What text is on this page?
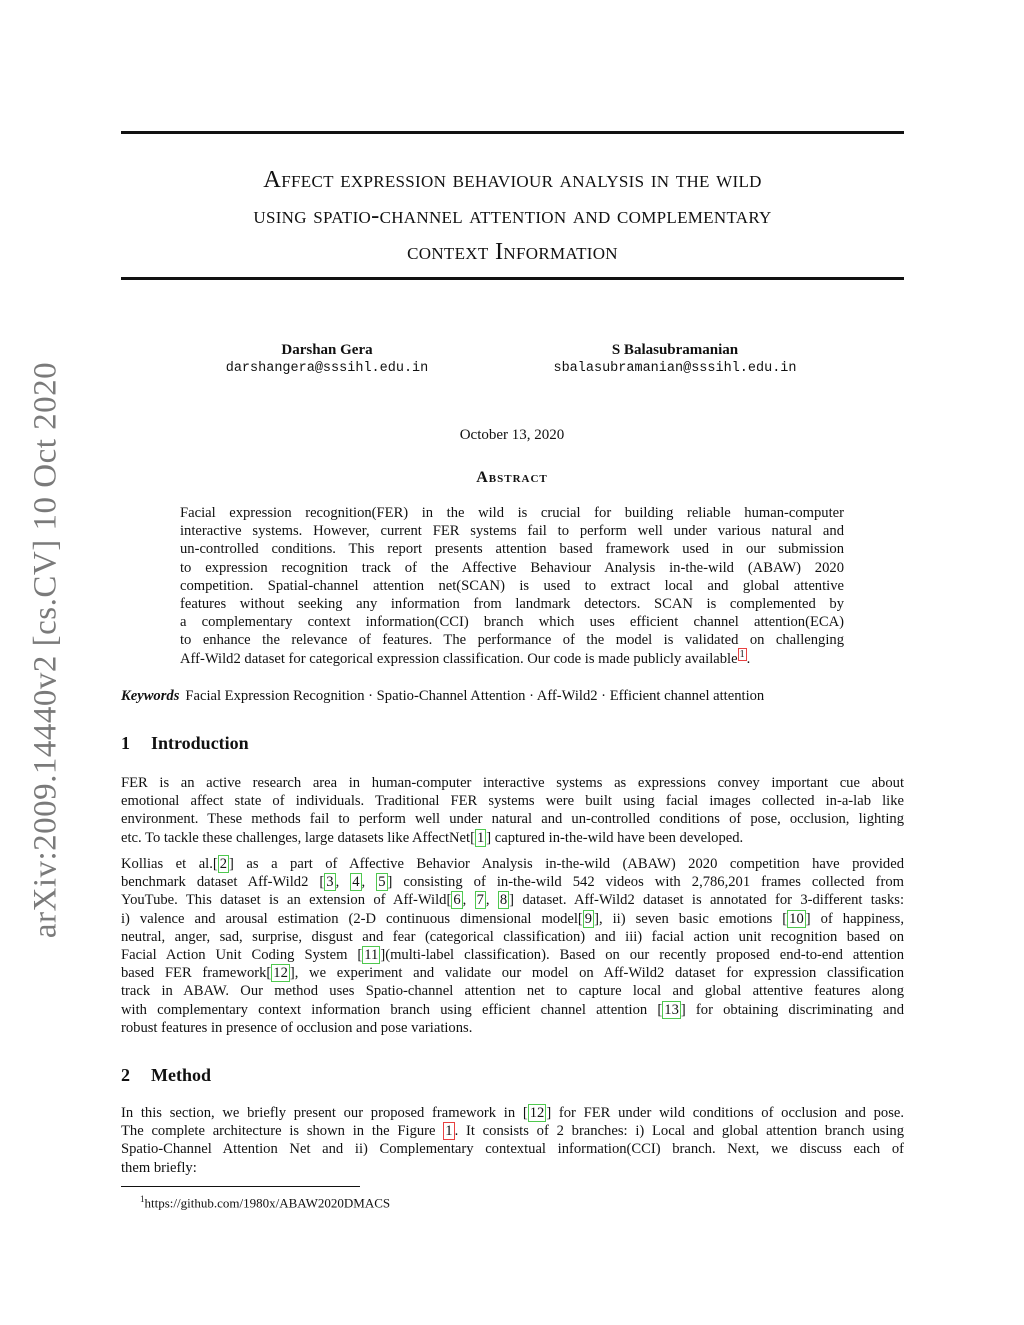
arXiv:2009.14440v2 [cs.CV] 10 Oct 2020
Affect expression behaviour analysis in the wild
using spatio-channel attention and complementary
context Information
Darshan Gera
darshangera@sssihl.edu.in
S Balasubramanian
sbalasubramanian@sssihl.edu.in
October 13, 2020
Abstract
Facial expression recognition(FER) in the wild is crucial for building reliable human-computer
interactive systems. However, current FER systems fail to perform well under various natural and
un-controlled conditions. This report presents attention based framework used in our submission
to expression recognition track of the Affective Behaviour Analysis in-the-wild (ABAW) 2020
competition. Spatial-channel attention net(SCAN) is used to extract local and global attentive
features without seeking any information from landmark detectors. SCAN is complemented by
a complementary context information(CCI) branch which uses efficient channel attention(ECA)
to enhance the relevance of features. The performance of the model is validated on challenging
Aff-Wild2 dataset for categorical expression classification. Our code is made publicly available $^1$ .
Keywords Facial Expression Recognition · Spatio-Channel Attention · Aff-Wild2 · Efficient channel attention
1 Introduction
FER is an active research area in human-computer interactive systems as expressions convey important cue about
emotional affect state of individuals. Traditional FER systems were built using facial images collected in-a-lab like
environment. These methods fail to perform well under natural and un-controlled conditions of pose, occlusion, lighting
etc. To tackle these challenges, large datasets like AffectNet[ 1 ] captured in-the-wild have been developed.
Kollias et al.[ 2 ] as a part of Affective Behavior Analysis in-the-wild (ABAW) 2020 competition have provided
benchmark dataset Aff-Wild2 [ 3 , 4 , 5 ] consisting of in-the-wild 542 videos with 2,786,201 frames collected from
YouTube. This dataset is an extension of Aff-Wild[ 6 , 7 , 8 ] dataset. Aff-Wild2 dataset is annotated for 3-different tasks:
i) valence and arousal estimation (2-D continuous dimensional model[ 9 ], ii) seven basic emotions [ 10 ] of happiness,
neutral, anger, sad, surprise, disgust and fear (categorical classification) and iii) facial action unit recognition based on
Facial Action Unit Coding System [ 11 ](multi-label classification). Based on our recently proposed end-to-end attention
based FER framework[ 12 ], we experiment and validate our model on Aff-Wild2 dataset for expression classification
track in ABAW. Our method uses Spatio-channel attention net to capture local and global attentive features along
with complementary context information branch using efficient channel attention [ 13 ] for obtaining discriminating and
robust features in presence of occlusion and pose variations.
2 Method
In this section, we briefly present our proposed framework in [ 12 ] for FER under wild conditions of occlusion and pose.
The complete architecture is shown in the Figure 1 . It consists of 2 branches: i) Local and global attention branch using
Spatio-Channel Attention Net and ii) Complementary contextual information(CCI) branch. Next, we discuss each of
them briefly:
$^1$https://github.com/1980x/ABAW2020DMACS
